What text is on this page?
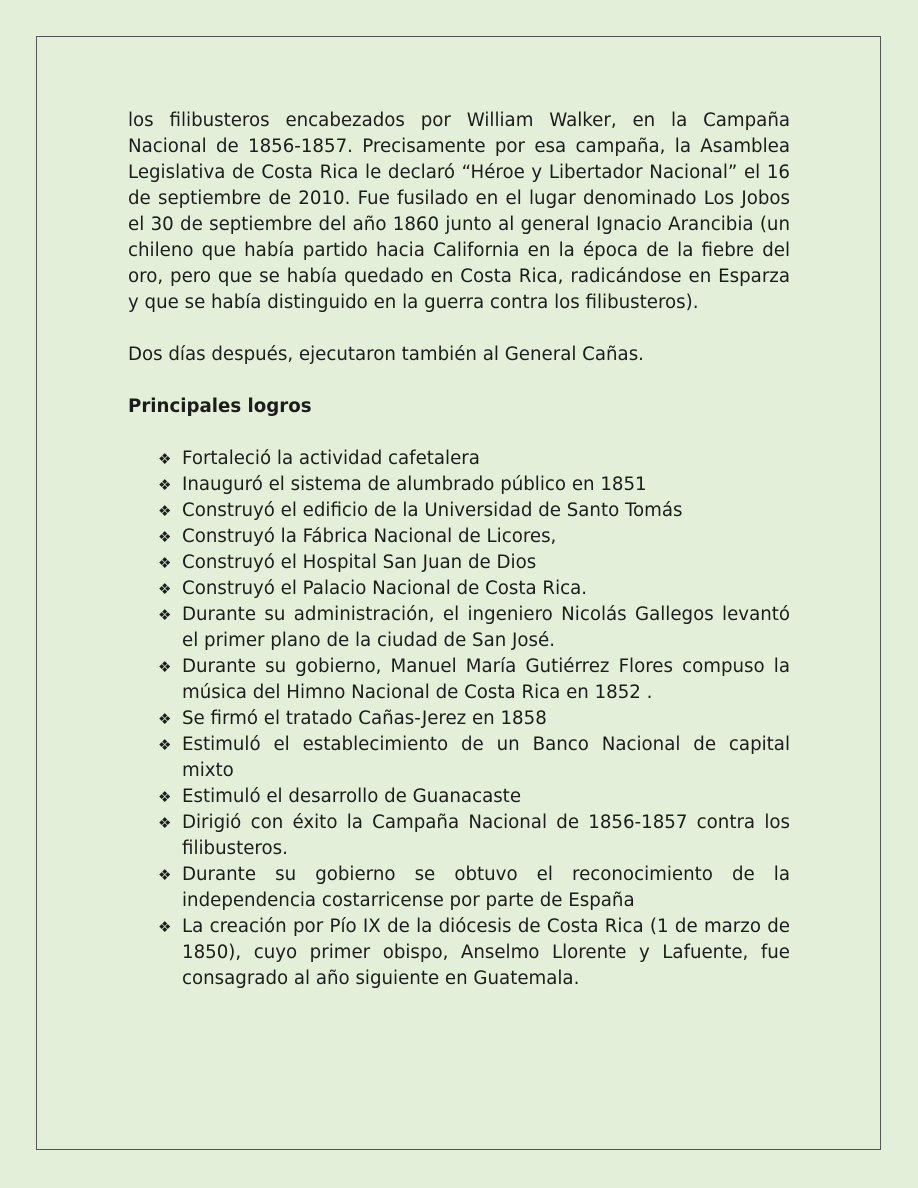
los filibusteros encabezados por William Walker, en la Campaña Nacional de 1856-1857. Precisamente por esa campaña, la Asamblea Legislativa de Costa Rica le declaró “Héroe y Libertador Nacional” el 16 de septiembre de 2010. Fue fusilado en el lugar denominado Los Jobos el 30 de septiembre del año 1860 junto al general Ignacio Arancibia (un chileno que había partido hacia California en la época de la fiebre del oro, pero que se había quedado en Costa Rica, radicándose en Esparza y que se había distinguido en la guerra contra los filibusteros).

Dos días después, ejecutaron también al General Cañas.

Principales logros

❖ Fortaleció la actividad cafetalera
❖ Inauguró el sistema de alumbrado público en 1851
❖ Construyó el edificio de la Universidad de Santo Tomás
❖ Construyó la Fábrica Nacional de Licores,
❖ Construyó el Hospital San Juan de Dios
❖ Construyó el Palacio Nacional de Costa Rica.
❖ Durante su administración, el ingeniero Nicolás Gallegos levantó el primer plano de la ciudad de San José.
❖ Durante su gobierno, Manuel María Gutiérrez Flores compuso la música del Himno Nacional de Costa Rica en 1852 .
❖ Se firmó el tratado Cañas-Jerez en 1858
❖ Estimuló el establecimiento de un Banco Nacional de capital mixto
❖ Estimuló el desarrollo de Guanacaste
❖ Dirigió con éxito la Campaña Nacional de 1856-1857 contra los filibusteros.
❖ Durante su gobierno se obtuvo el reconocimiento de la independencia costarricense por parte de España
❖ La creación por Pío IX de la diócesis de Costa Rica (1 de marzo de 1850), cuyo primer obispo, Anselmo Llorente y Lafuente, fue consagrado al año siguiente en Guatemala.
